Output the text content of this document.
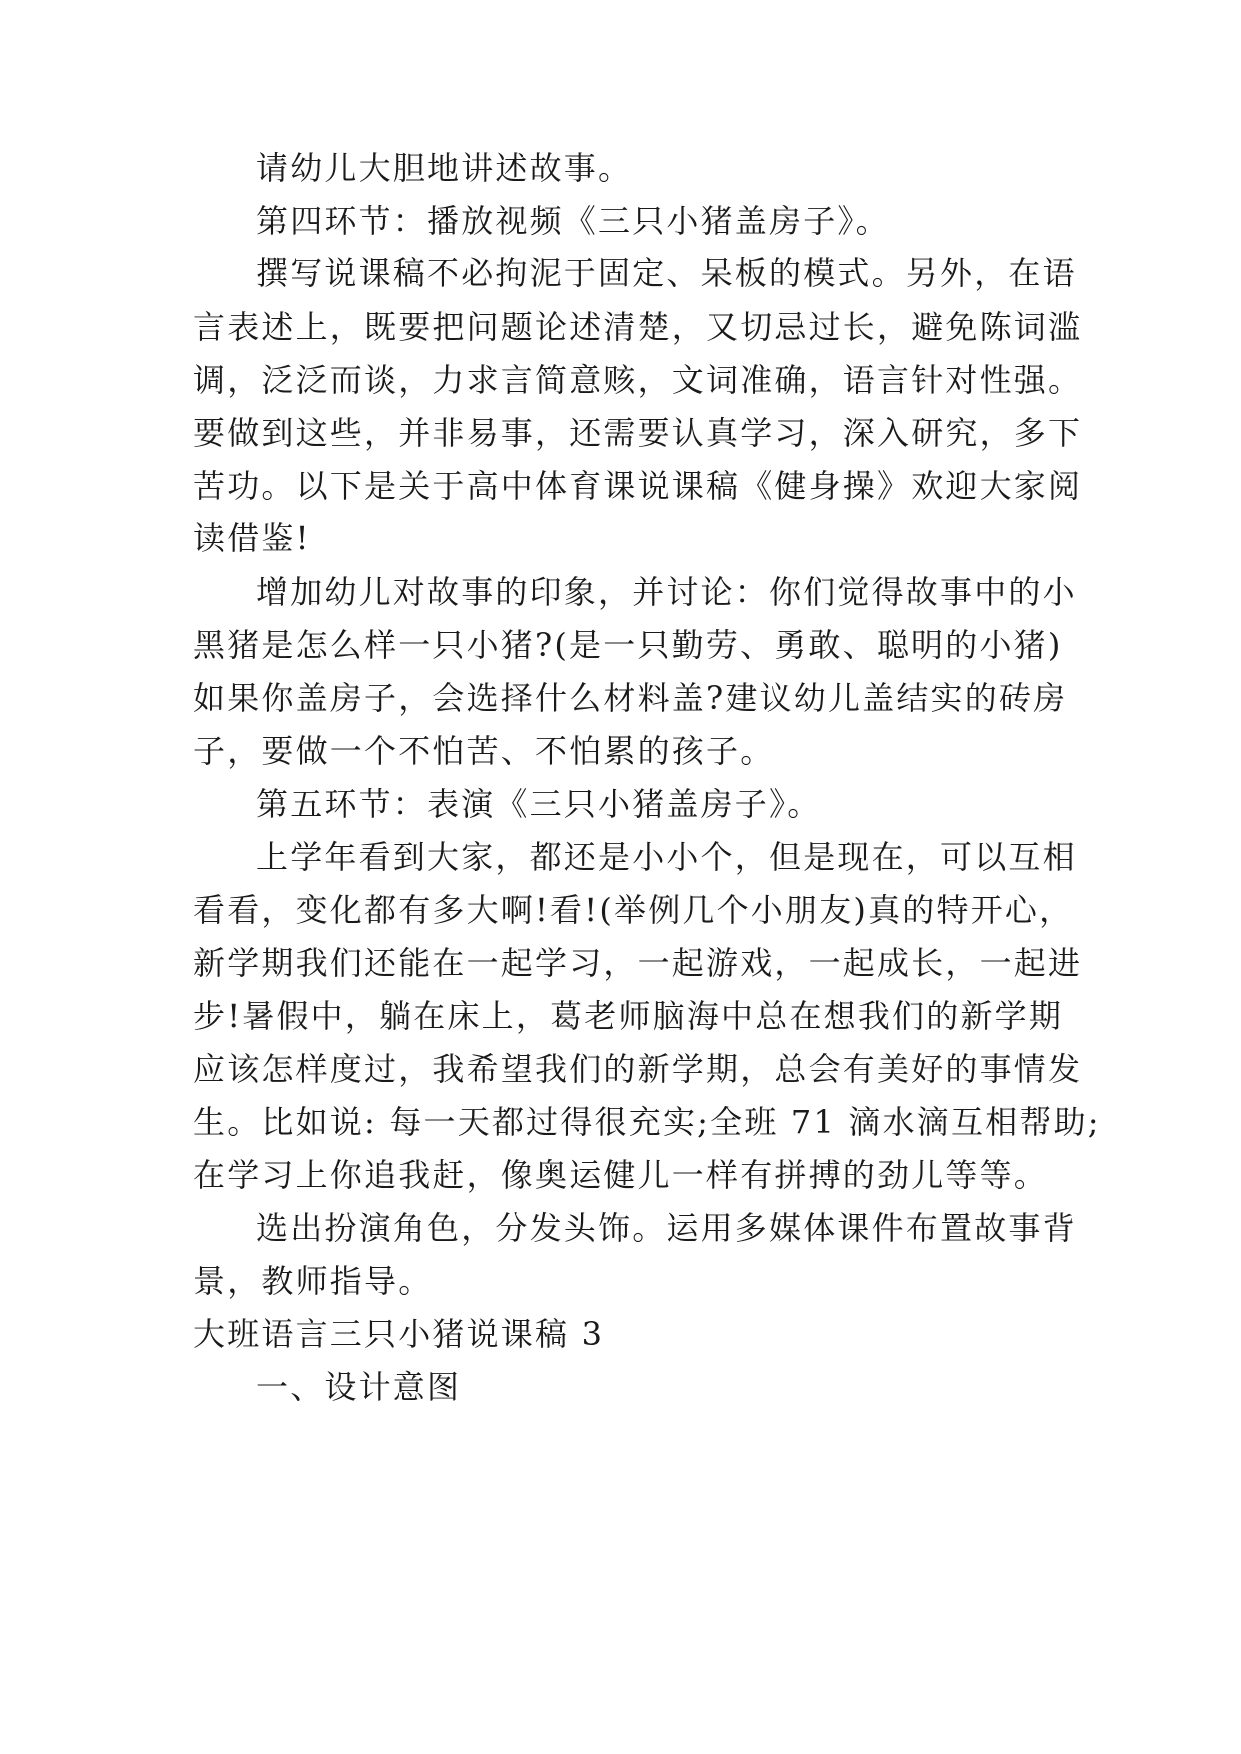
请幼儿大胆地讲述故事。
第四环节：播放视频《三只小猪盖房子》。
撰写说课稿不必拘泥于固定、呆板的模式。另外，在语
言表述上，既要把问题论述清楚，又切忌过长，避免陈词滥
调，泛泛而谈，力求言简意赅，文词准确，语言针对性强。
要做到这些，并非易事，还需要认真学习，深入研究，多下
苦功。以下是关于高中体育课说课稿《健身操》欢迎大家阅
读借鉴!
增加幼儿对故事的印象，并讨论：你们觉得故事中的小
黑猪是怎么样一只小猪?(是一只勤劳、勇敢、聪明的小猪)
如果你盖房子，会选择什么材料盖?建议幼儿盖结实的砖房
子，要做一个不怕苦、不怕累的孩子。
第五环节：表演《三只小猪盖房子》。
上学年看到大家，都还是小小个，但是现在，可以互相
看看，变化都有多大啊!看!(举例几个小朋友)真的特开心，
新学期我们还能在一起学习，一起游戏，一起成长，一起进
步!暑假中，躺在床上，葛老师脑海中总在想我们的新学期
应该怎样度过，我希望我们的新学期，总会有美好的事情发
生。比如说: 每一天都过得很充实;全班 71 滴水滴互相帮助;
在学习上你追我赶，像奥运健儿一样有拼搏的劲儿等等。
选出扮演角色，分发头饰。运用多媒体课件布置故事背
景，教师指导。
大班语言三只小猪说课稿 3
一、设计意图
